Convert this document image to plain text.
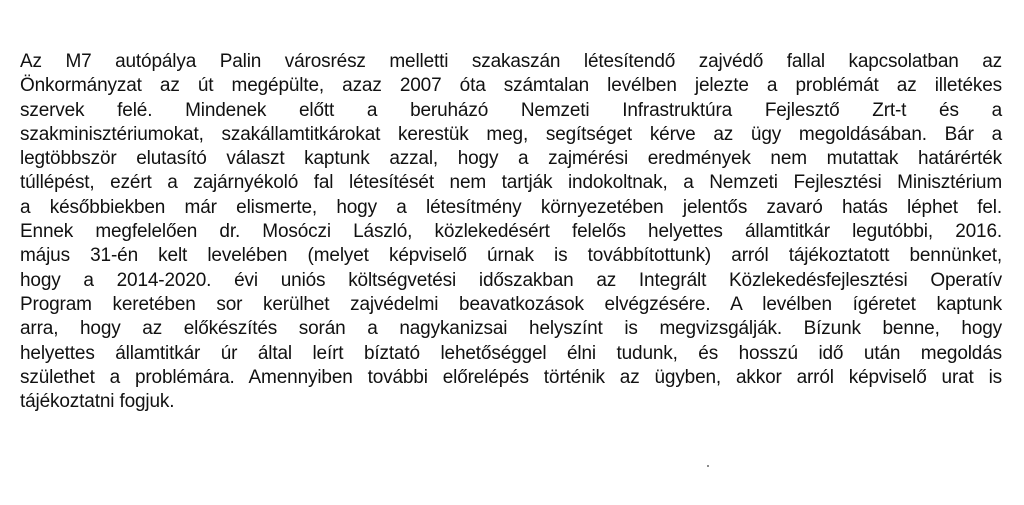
Az M7 autópálya Palin városrész melletti szakaszán létesítendő zajvédő fallal kapcsolatban az
Önkormányzat az út megépülte, azaz 2007 óta számtalan levélben jelezte a problémát az illetékes
szervek felé. Mindenek előtt a beruházó Nemzeti Infrastruktúra Fejlesztő Zrt-t és a
szakminisztériumokat, szakállamtitkárokat kerestük meg, segítséget kérve az ügy megoldásában. Bár a
legtöbbször elutasító választ kaptunk azzal, hogy a zajmérési eredmények nem mutattak határérték
túllépést, ezért a zajárnyékoló fal létesítését nem tartják indokoltnak, a Nemzeti Fejlesztési Minisztérium
a későbbiekben már elismerte, hogy a létesítmény környezetében jelentős zavaró hatás léphet fel.
Ennek megfelelően dr. Mosóczi László, közlekedésért felelős helyettes államtitkár legutóbbi, 2016.
május 31-én kelt levelében (melyet képviselő úrnak is továbbítottunk) arról tájékoztatott bennünket,
hogy a 2014-2020. évi uniós költségvetési időszakban az Integrált Közlekedésfejlesztési Operatív
Program keretében sor kerülhet zajvédelmi beavatkozások elvégzésére. A levélben ígéretet kaptunk
arra, hogy az előkészítés során a nagykanizsai helyszínt is megvizsgálják. Bízunk benne, hogy
helyettes államtitkár úr által leírt bíztató lehetőséggel élni tudunk, és hosszú idő után megoldás
születhet a problémára. Amennyiben további előrelépés történik az ügyben, akkor arról képviselő urat is
tájékoztatni fogjuk.
